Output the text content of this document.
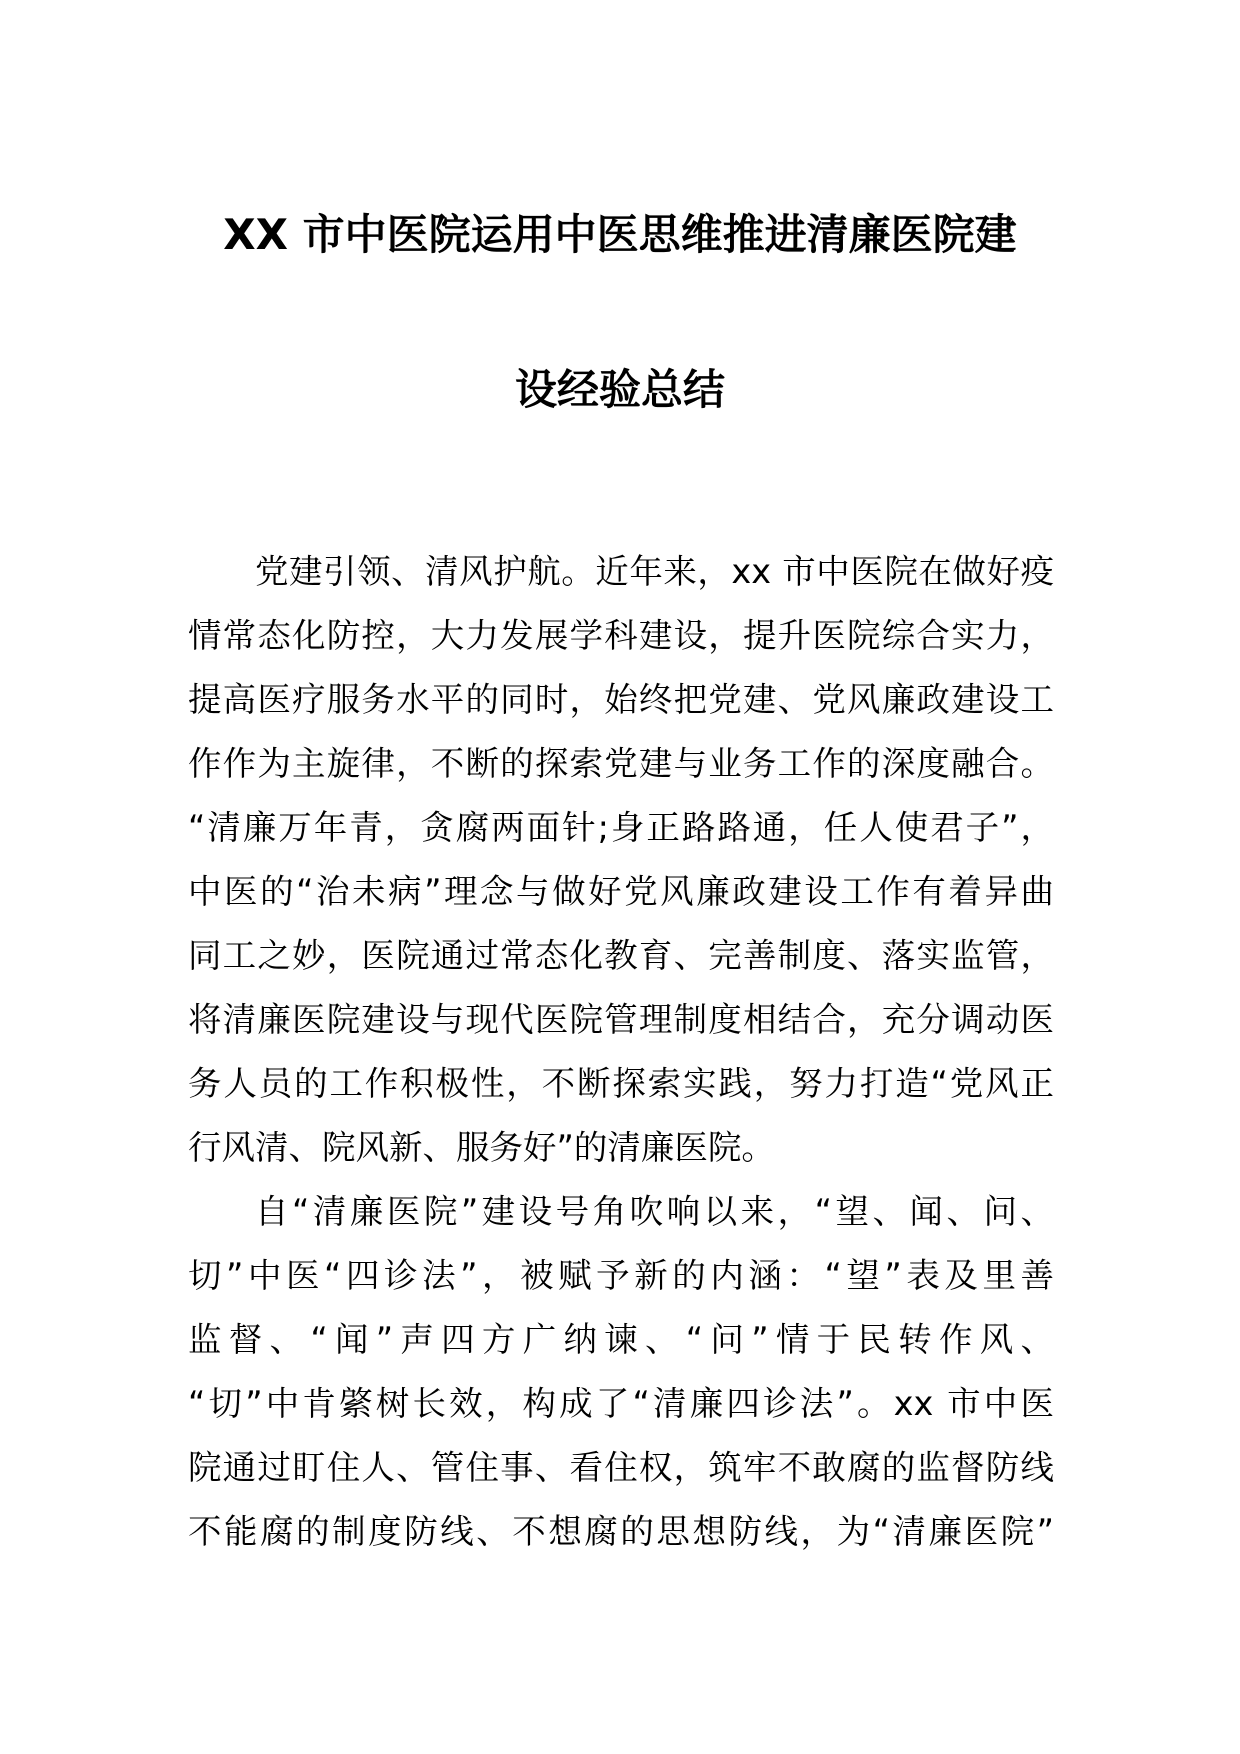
XX 市中医院运用中医思维推进清廉医院建
设经验总结
党建引领、清风护航。近年来，xx 市中医院在做好疫
情常态化防控，大力发展学科建设，提升医院综合实力，
提高医疗服务水平的同时，始终把党建、党风廉政建设工
作作为主旋律，不断的探索党建与业务工作的深度融合。
“清廉万年青，贪腐两面针;身正路路通，任人使君子”，
中医的“治未病”理念与做好党风廉政建设工作有着异曲
同工之妙，医院通过常态化教育、完善制度、落实监管，
将清廉医院建设与现代医院管理制度相结合，充分调动医
务人员的工作积极性，不断探索实践，努力打造“党风正
行风清、院风新、服务好”的清廉医院。
自“清廉医院”建设号角吹响以来，“望、闻、问、
切”中医“四诊法”，被赋予新的内涵：“望”表及里善
监督、“闻”声四方广纳谏、“问”情于民转作风、
“切”中肯綮树长效，构成了“清廉四诊法”。xx 市中医
院通过盯住人、管住事、看住权，筑牢不敢腐的监督防线
不能腐的制度防线、不想腐的思想防线，为“清廉医院”
